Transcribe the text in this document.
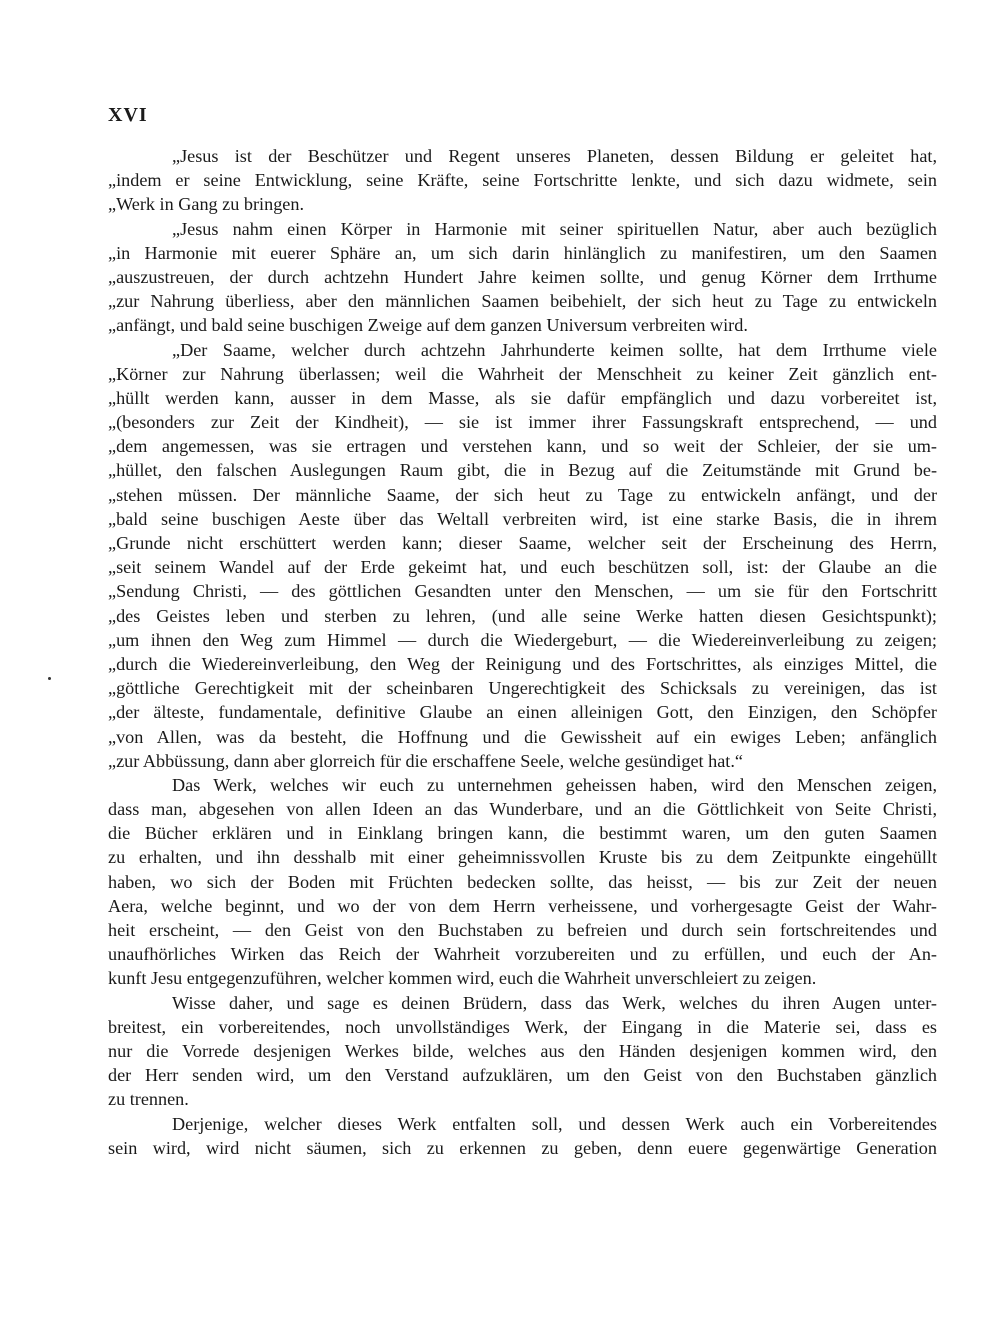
XVI
„Jesus ist der Beschützer und Regent unseres Planeten, dessen Bildung er geleitet hat,
„indem er seine Entwicklung, seine Kräfte, seine Fortschritte lenkte, und sich dazu widmete, sein
„Werk in Gang zu bringen.
„Jesus nahm einen Körper in Harmonie mit seiner spirituellen Natur, aber auch bezüglich
„in Harmonie mit euerer Sphäre an, um sich darin hinlänglich zu manifestiren, um den Saamen
„auszustreuen, der durch achtzehn Hundert Jahre keimen sollte, und genug Körner dem Irrthume
„zur Nahrung überliess, aber den männlichen Saamen beibehielt, der sich heut zu Tage zu entwickeln
„anfängt, und bald seine buschigen Zweige auf dem ganzen Universum verbreiten wird.
„Der Saame, welcher durch achtzehn Jahrhunderte keimen sollte, hat dem Irrthume viele
„Körner zur Nahrung überlassen; weil die Wahrheit der Menschheit zu keiner Zeit gänzlich ent-
„hüllt werden kann, ausser in dem Masse, als sie dafür empfänglich und dazu vorbereitet ist,
„(besonders zur Zeit der Kindheit), — sie ist immer ihrer Fassungskraft entsprechend, — und
„dem angemessen, was sie ertragen und verstehen kann, und so weit der Schleier, der sie um-
„hüllet, den falschen Auslegungen Raum gibt, die in Bezug auf die Zeitumstände mit Grund be-
„stehen müssen. Der männliche Saame, der sich heut zu Tage zu entwickeln anfängt, und der
„bald seine buschigen Aeste über das Weltall verbreiten wird, ist eine starke Basis, die in ihrem
„Grunde nicht erschüttert werden kann; dieser Saame, welcher seit der Erscheinung des Herrn,
„seit seinem Wandel auf der Erde gekeimt hat, und euch beschützen soll, ist: der Glaube an die
„Sendung Christi, — des göttlichen Gesandten unter den Menschen, — um sie für den Fortschritt
„des Geistes leben und sterben zu lehren, (und alle seine Werke hatten diesen Gesichtspunkt);
„um ihnen den Weg zum Himmel — durch die Wiedergeburt, — die Wiedereinverleibung zu zeigen;
„durch die Wiedereinverleibung, den Weg der Reinigung und des Fortschrittes, als einziges Mittel, die
„göttliche Gerechtigkeit mit der scheinbaren Ungerechtigkeit des Schicksals zu vereinigen, das ist
„der älteste, fundamentale, definitive Glaube an einen alleinigen Gott, den Einzigen, den Schöpfer
„von Allen, was da besteht, die Hoffnung und die Gewissheit auf ein ewiges Leben; anfänglich
„zur Abbüssung, dann aber glorreich für die erschaffene Seele, welche gesündiget hat.“
Das Werk, welches wir euch zu unternehmen geheissen haben, wird den Menschen zeigen,
dass man, abgesehen von allen Ideen an das Wunderbare, und an die Göttlichkeit von Seite Christi,
die Bücher erklären und in Einklang bringen kann, die bestimmt waren, um den guten Saamen
zu erhalten, und ihn desshalb mit einer geheimnissvollen Kruste bis zu dem Zeitpunkte eingehüllt
haben, wo sich der Boden mit Früchten bedecken sollte, das heisst, — bis zur Zeit der neuen
Aera, welche beginnt, und wo der von dem Herrn verheissene, und vorhergesagte Geist der Wahr-
heit erscheint, — den Geist von den Buchstaben zu befreien und durch sein fortschreitendes und
unaufhörliches Wirken das Reich der Wahrheit vorzubereiten und zu erfüllen, und euch der An-
kunft Jesu entgegenzuführen, welcher kommen wird, euch die Wahrheit unverschleiert zu zeigen.
Wisse daher, und sage es deinen Brüdern, dass das Werk, welches du ihren Augen unter-
breitest, ein vorbereitendes, noch unvollständiges Werk, der Eingang in die Materie sei, dass es
nur die Vorrede desjenigen Werkes bilde, welches aus den Händen desjenigen kommen wird, den
der Herr senden wird, um den Verstand aufzuklären, um den Geist von den Buchstaben gänzlich
zu trennen.
Derjenige, welcher dieses Werk entfalten soll, und dessen Werk auch ein Vorbereitendes
sein wird, wird nicht säumen, sich zu erkennen zu geben, denn euere gegenwärtige Generation
